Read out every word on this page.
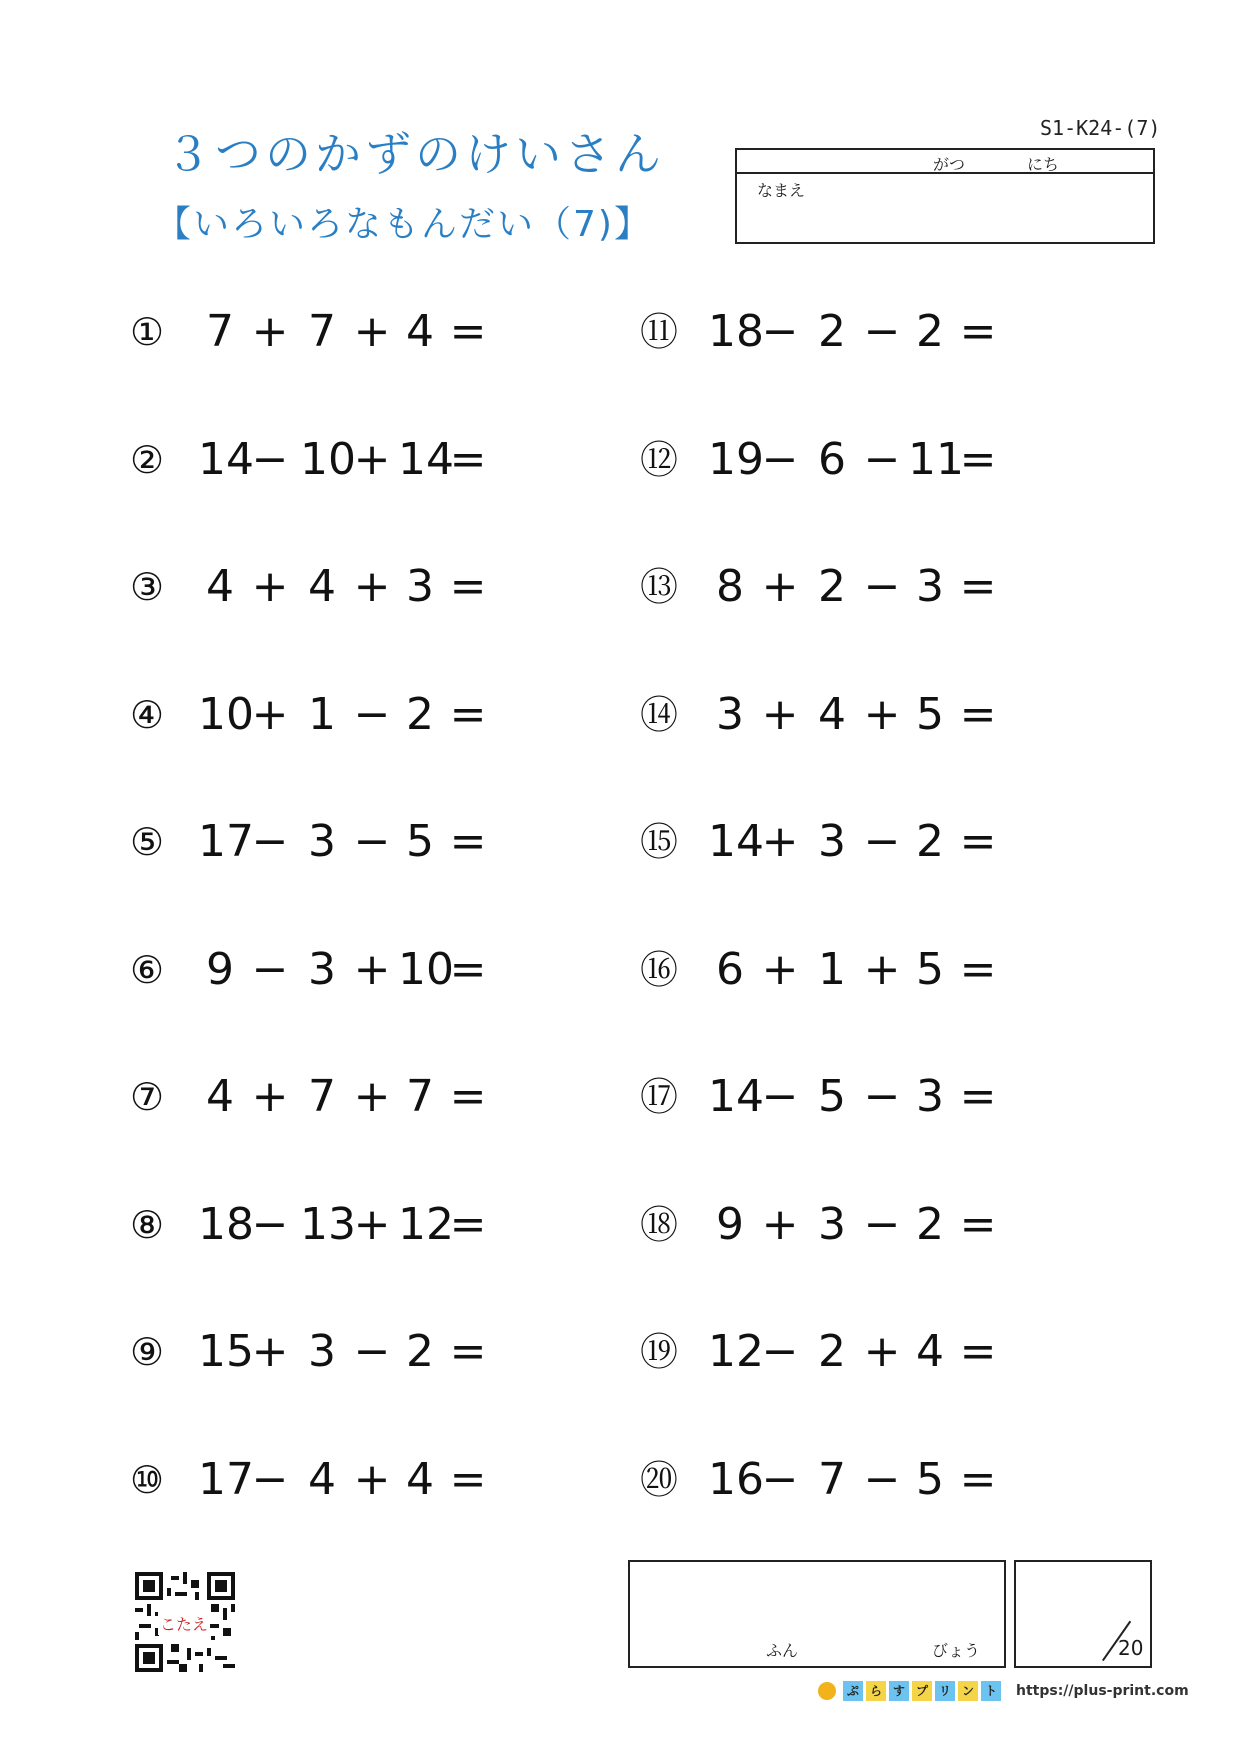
３つのかずのけいさん
【いろいろなもんだい（7)】
S1-K24-(7)
がつ	にち
なまえ
① 7 + 7 + 4 =
② 14
− 10
+ 14
=
③ 4 + 4 + 3 =
④ 10
+ 1 − 2 =
⑤ 17
− 3 − 5 =
⑥ 9 − 3 + 10
=
⑦ 4 + 7 + 7 =
⑧ 18
− 13
+ 12
=
⑨ 15
+ 3 − 2 =
⑩ 17
− 4 + 4 =
⑪ 18
− 2 − 2 =
⑫ 19
− 6 − 11
=
⑬ 8 + 2 − 3 =
⑭ 3 + 4 + 5 =
⑮ 14
+ 3 − 2 =
⑯ 6 + 1 + 5 =
⑰ 14
− 5 − 3 =
⑱ 9 + 3 − 2 =
⑲ 12
− 2 + 4 =
⑳ 16
− 7 − 5 =
ふん	びょう	20
こたえ
ぷ ら す プ リ ン ト https://plus-print.com
